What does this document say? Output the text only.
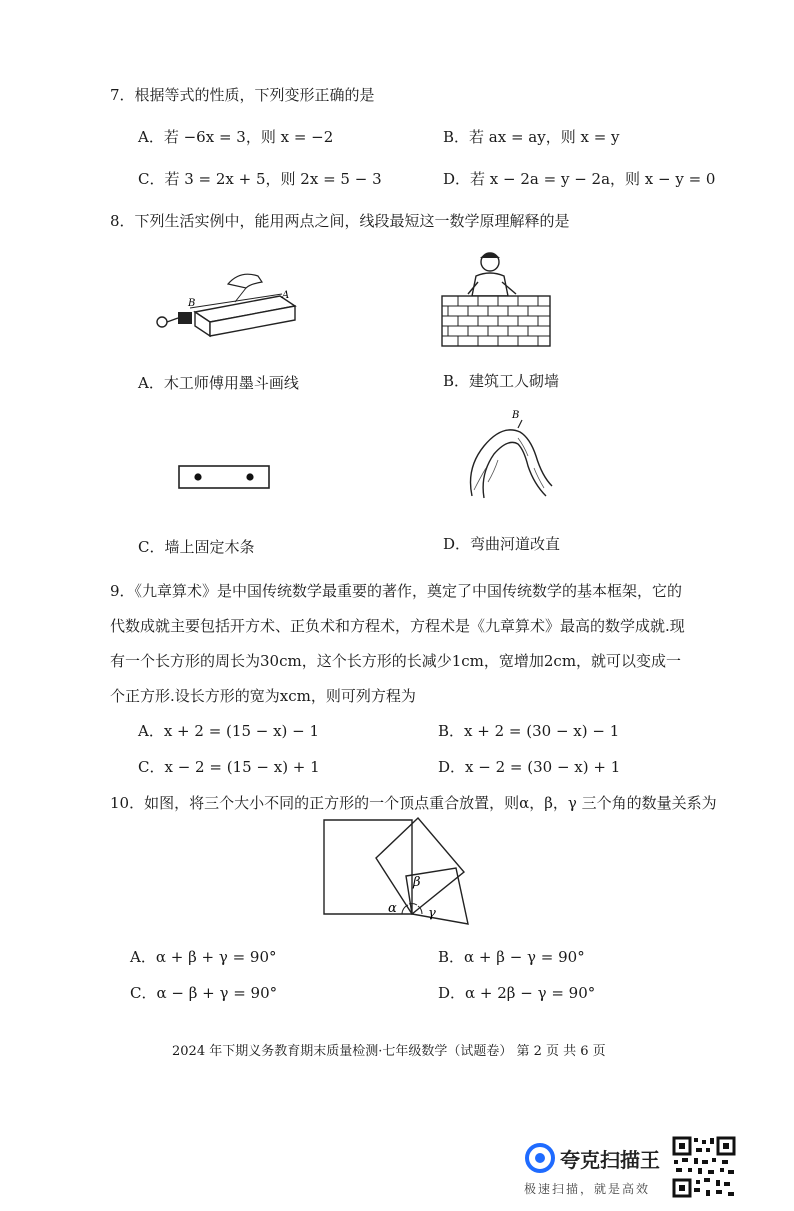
7．根据等式的性质，下列变形正确的是
A．若 −6x = 3，则 x = −2	B．若 ax = ay，则 x = y
C．若 3 = 2x + 5，则 2x = 5 − 3	D．若 x − 2a = y − 2a，则 x − y = 0
8．下列生活实例中，能用两点之间，线段最短这一数学原理解释的是
B
A
A．木工师傅用墨斗画线	B．建筑工人砌墙
C．墙上固定木条
B
D．弯曲河道改直
9．《九章算术》是中国传统数学最重要的著作，奠定了中国传统数学的基本框架，它的代数成就主要包括开方术、正负术和方程术，方程术是《九章算术》最高的数学成就.现有一个长方形的周长为30cm，这个长方形的长减少1cm，宽增加2cm，就可以变成一个正方形.设长方形的宽为xcm，则可列方程为
A．x + 2 = (15 − x) − 1	B．x + 2 = (30 − x) − 1
C．x − 2 = (15 − x) + 1	D．x − 2 = (30 − x) + 1
10．如图，将三个大小不同的正方形的一个顶点重合放置，则α，β，γ 三个角的数量关系为
α
β
γ
A．α + β + γ = 90°	B．α + β − γ = 90°
C．α − β + γ = 90°	D．α + 2β − γ = 90°
2024 年下期义务教育期末质量检测·七年级数学（试题卷） 第 2 页 共 6 页
夸克扫描王
极速扫描，就是高效
